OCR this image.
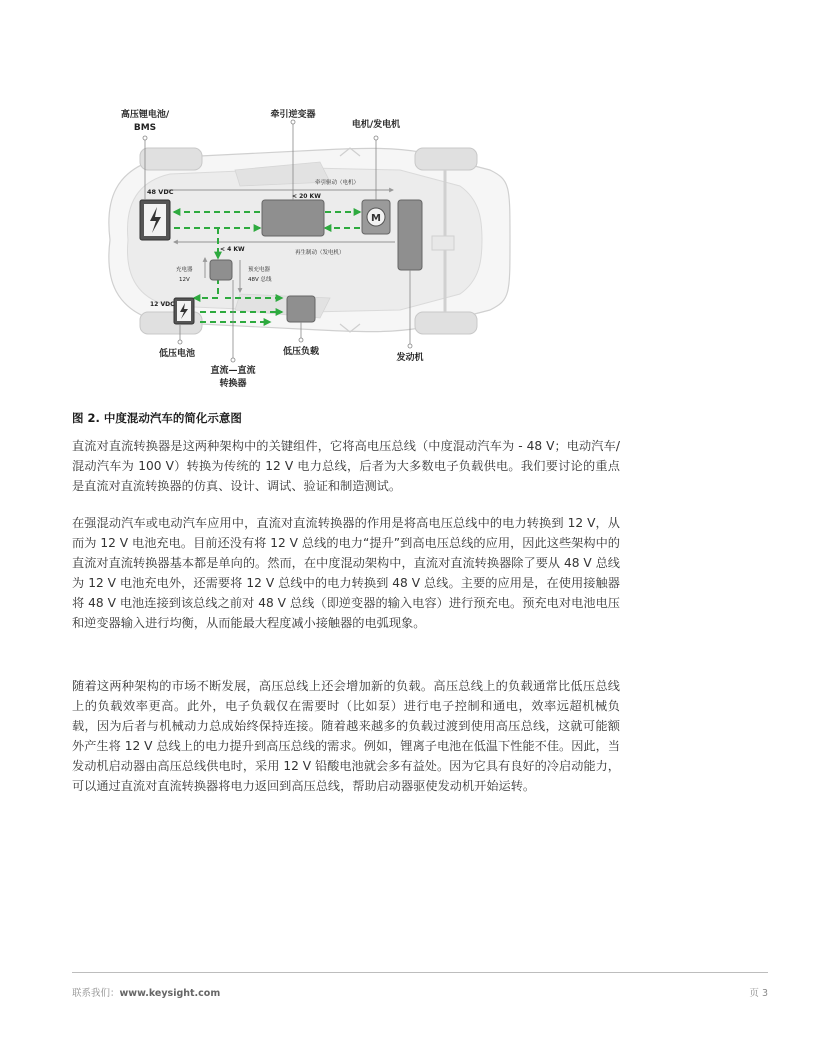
M
高压锂电池/
BMS
牵引逆变器
电机/发电机
48 VDC
牵引驱动（电机）
< 20 KW
再生制动（发电机）
< 4 KW
充电器
12V
预充电器
48V 总线
12 VDC
低压电池
直流—直流
转换器
低压负载
发动机
图 2. 中度混动汽车的简化示意图

直流对直流转换器是这两种架构中的关键组件，它将高电压总线（中度混动汽车为 - 48 V；电动汽车/混动汽车为 100 V）转换为传统的 12 V 电力总线，后者为大多数电子负载供电。我们要讨论的重点是直流对直流转换器的仿真、设计、调试、验证和制造测试。

在强混动汽车或电动汽车应用中，直流对直流转换器的作用是将高电压总线中的电力转换到 12 V，从而为 12 V 电池充电。目前还没有将 12 V 总线的电力“提升”到高电压总线的应用，因此这些架构中的直流对直流转换器基本都是单向的。然而，在中度混动架构中，直流对直流转换器除了要从 48 V 总线为 12 V 电池充电外，还需要将 12 V 总线中的电力转换到 48 V 总线。主要的应用是，在使用接触器将 48 V 电池连接到该总线之前对 48 V 总线（即逆变器的输入电容）进行预充电。预充电对电池电压和逆变器输入进行均衡，从而能最大程度减小接触器的电弧现象。

随着这两种架构的市场不断发展，高压总线上还会增加新的负载。高压总线上的负载通常比低压总线上的负载效率更高。此外，电子负载仅在需要时（比如泵）进行电子控制和通电，效率远超机械负载，因为后者与机械动力总成始终保持连接。随着越来越多的负载过渡到使用高压总线，这就可能额外产生将 12 V 总线上的电力提升到高压总线的需求。例如，锂离子电池在低温下性能不佳。因此，当发动机启动器由高压总线供电时，采用 12 V 铅酸电池就会多有益处。因为它具有良好的冷启动能力，可以通过直流对直流转换器将电力返回到高压总线，帮助启动器驱使发动机开始运转。

联系我们：www.keysight.com	页 3
